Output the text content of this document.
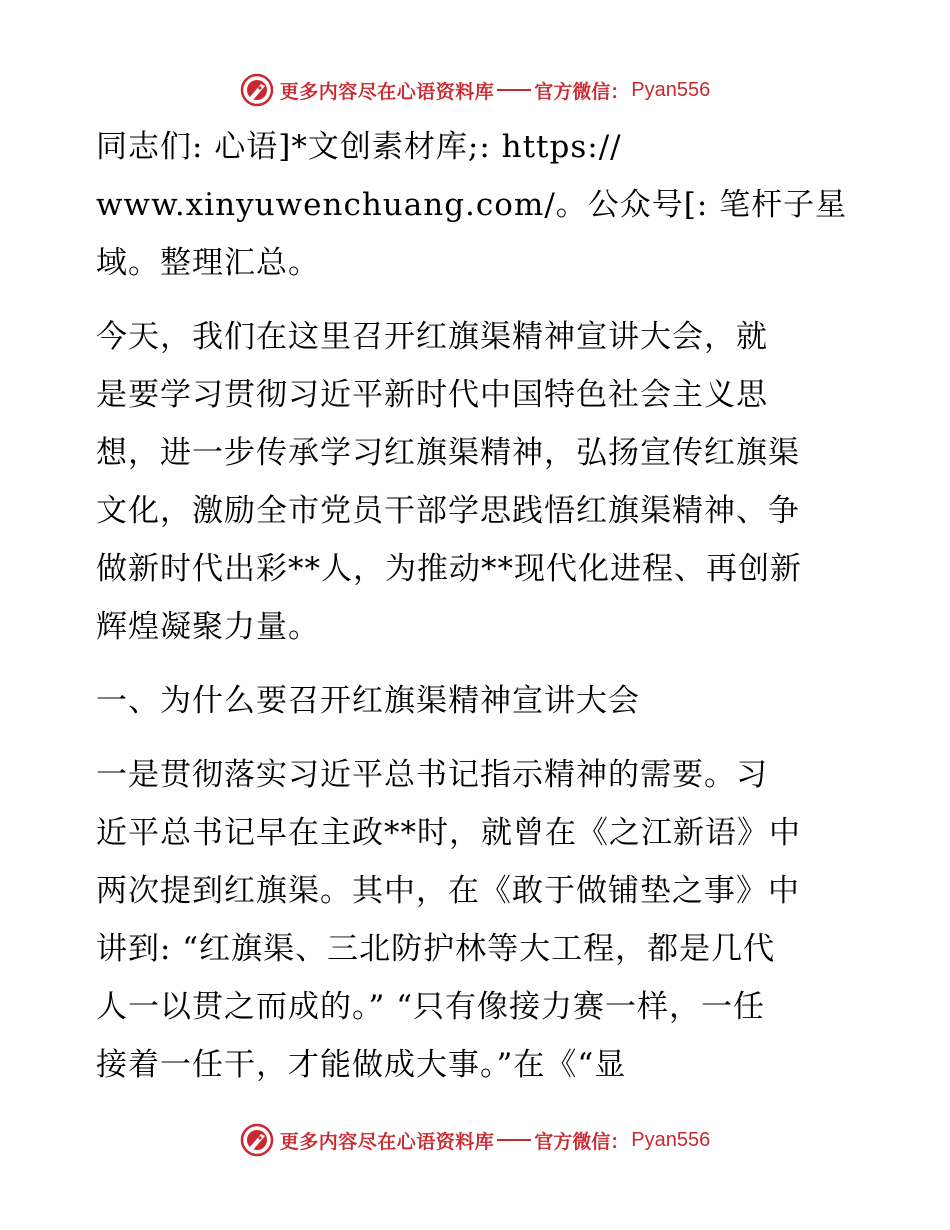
更多内容尽在心语资料库 官方微信： Pyan556
同志们: 心语]*文创素材库;: https://
www.xinyuwenchuang.com/。公众号[: 笔杆子星
域。整理汇总。
今天，我们在这里召开红旗渠精神宣讲大会，就
是要学习贯彻习近平新时代中国特色社会主义思
想，进一步传承学习红旗渠精神，弘扬宣传红旗渠
文化，激励全市党员干部学思践悟红旗渠精神、争
做新时代出彩**人，为推动**现代化进程、再创新
辉煌凝聚力量。
一、为什么要召开红旗渠精神宣讲大会
一是贯彻落实习近平总书记指示精神的需要。习
近平总书记早在主政**时，就曾在《之江新语》中
两次提到红旗渠。其中，在《敢于做铺垫之事》中
讲到: “红旗渠、三北防护林等大工程，都是几代
人一以贯之而成的。” “只有像接力赛一样，一任
接着一任干，才能做成大事。”在《“显
更多内容尽在心语资料库 官方微信： Pyan556
